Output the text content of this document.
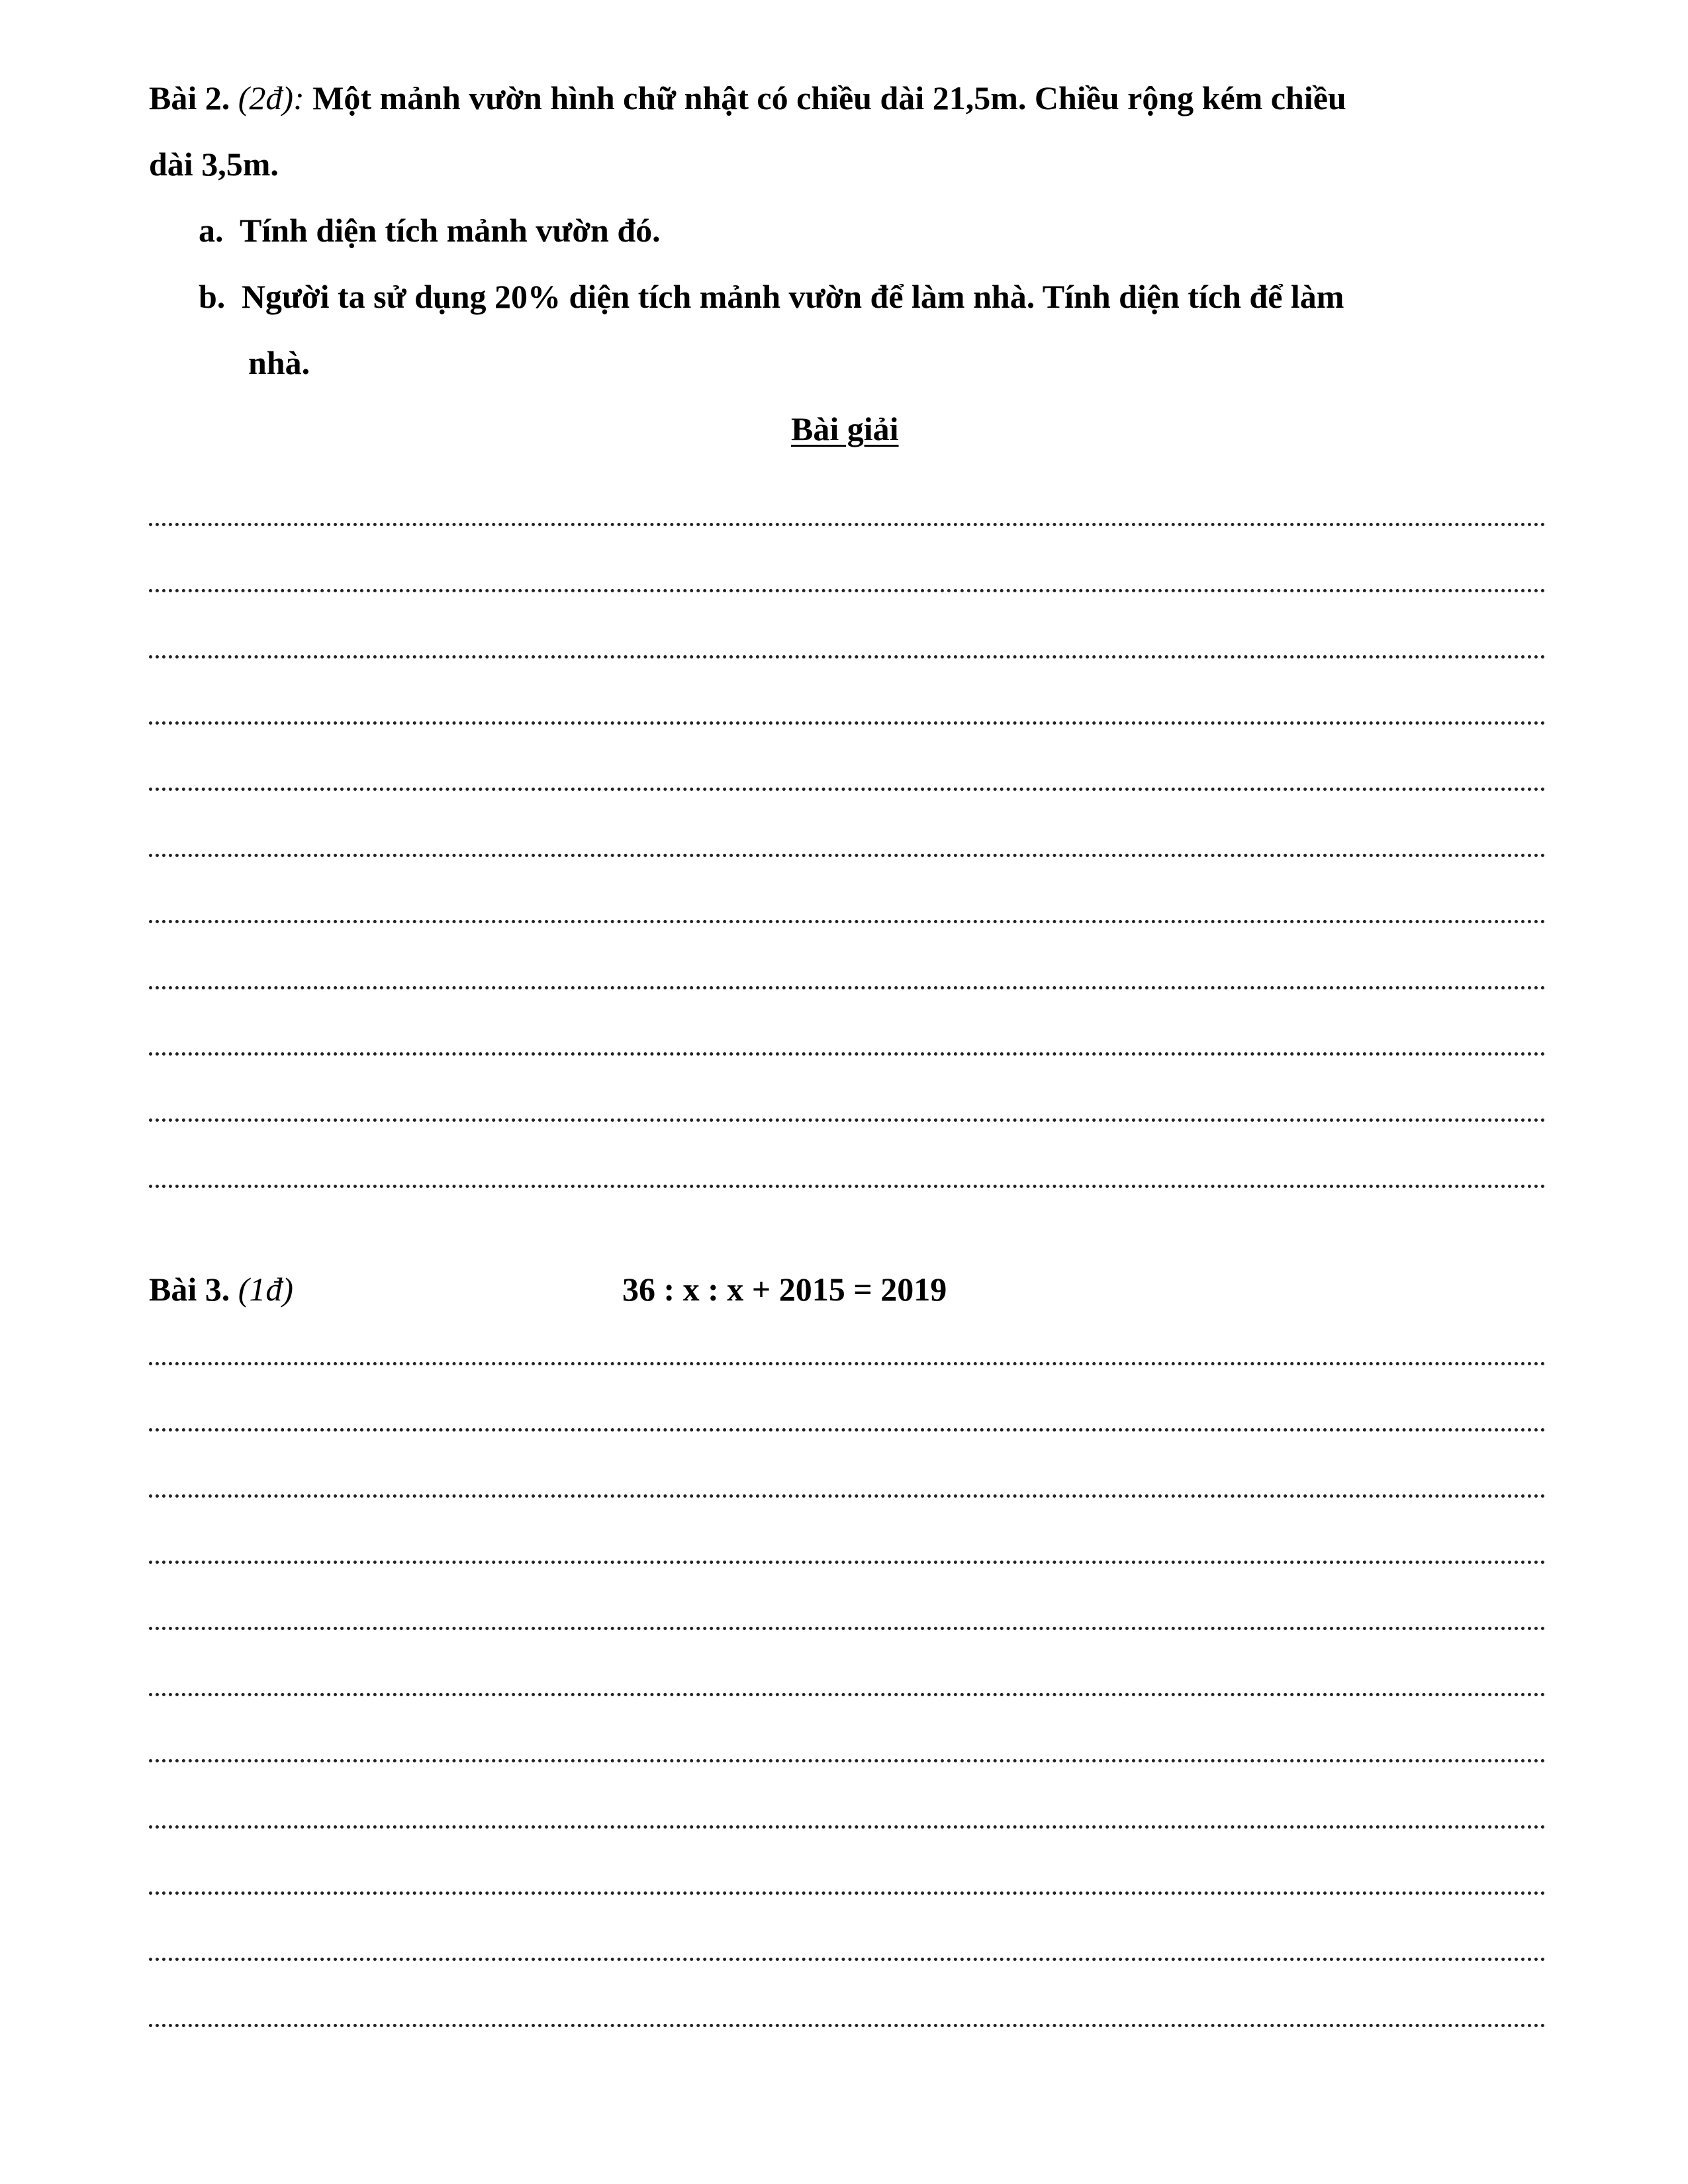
Bài 2. (2đ): Một mảnh vườn hình chữ nhật có chiều dài 21,5m. Chiều rộng kém chiều
dài 3,5m.
a. Tính diện tích mảnh vườn đó.
b. Người ta sử dụng 20% diện tích mảnh vườn để làm nhà. Tính diện tích để làm
nhà.
Bài giải
Bài 3. (1đ)	36 : x : x + 2015 = 2019
